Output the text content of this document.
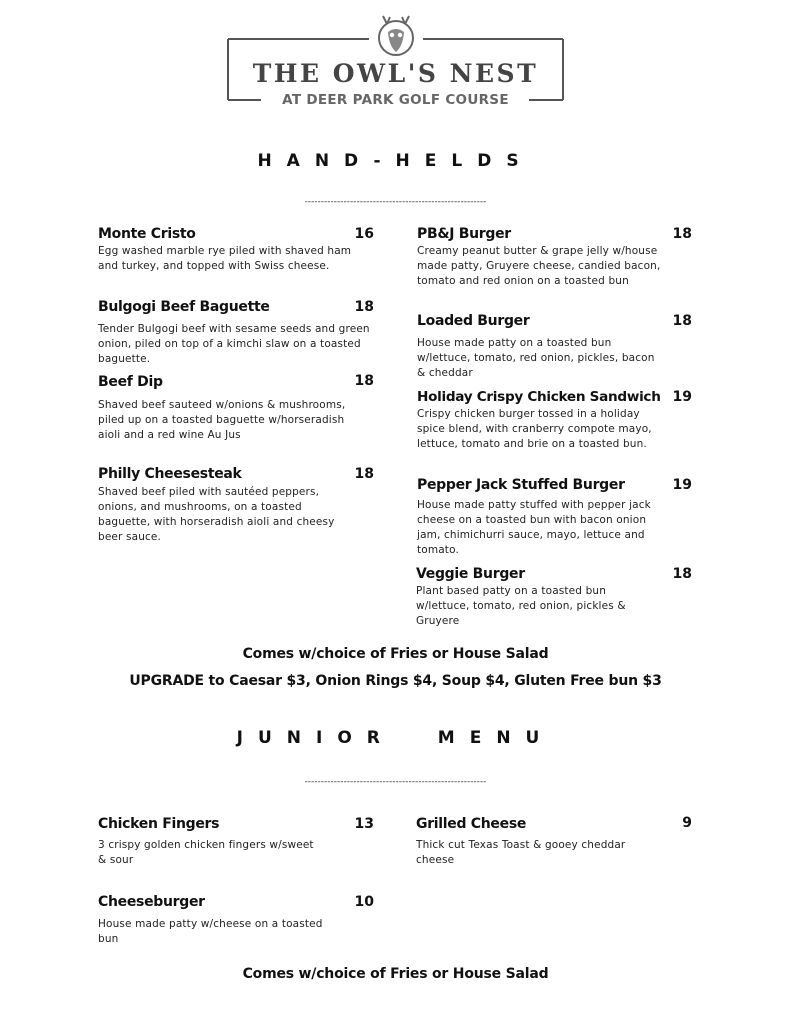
THE OWL'S NEST
AT DEER PARK GOLF COURSE
HAND-HELDS
--------------------------------------------------------
Monte Cristo	16
Egg washed marble rye piled with shaved ham and turkey, and topped with Swiss cheese.
Bulgogi Beef Baguette	18
Tender Bulgogi beef with sesame seeds and green onion, piled on top of a kimchi slaw on a toasted baguette.
Beef Dip	18
Shaved beef sauteed w/onions & mushrooms, piled up on a toasted baguette w/horseradish aioli and a red wine Au Jus
Philly Cheesesteak	18
Shaved beef piled with sautéed peppers, onions, and mushrooms, on a toasted baguette, with horseradish aioli and cheesy beer sauce.
PB&J Burger	18
Creamy peanut butter & grape jelly w/house made patty, Gruyere cheese, candied bacon, tomato and red onion on a toasted bun
Loaded Burger	18
House made patty on a toasted bun w/lettuce, tomato, red onion, pickles, bacon & cheddar
Holiday Crispy Chicken Sandwich 19
Crispy chicken burger tossed in a holiday spice blend, with cranberry compote mayo, lettuce, tomato and brie on a toasted bun.
Pepper Jack Stuffed Burger	19
House made patty stuffed with pepper jack cheese on a toasted bun with bacon onion jam, chimichurri sauce, mayo, lettuce and tomato.
Veggie Burger	18
Plant based patty on a toasted bun w/lettuce, tomato, red onion, pickles & Gruyere
Comes w/choice of Fries or House Salad
UPGRADE to Caesar $3, Onion Rings $4, Soup $4, Gluten Free bun $3
JUNIOR MENU
--------------------------------------------------------
Chicken Fingers	13
3 crispy golden chicken fingers w/sweet & sour
Cheeseburger	10
House made patty w/cheese on a toasted bun
Grilled Cheese	9
Thick cut Texas Toast & gooey cheddar cheese
Comes w/choice of Fries or House Salad
